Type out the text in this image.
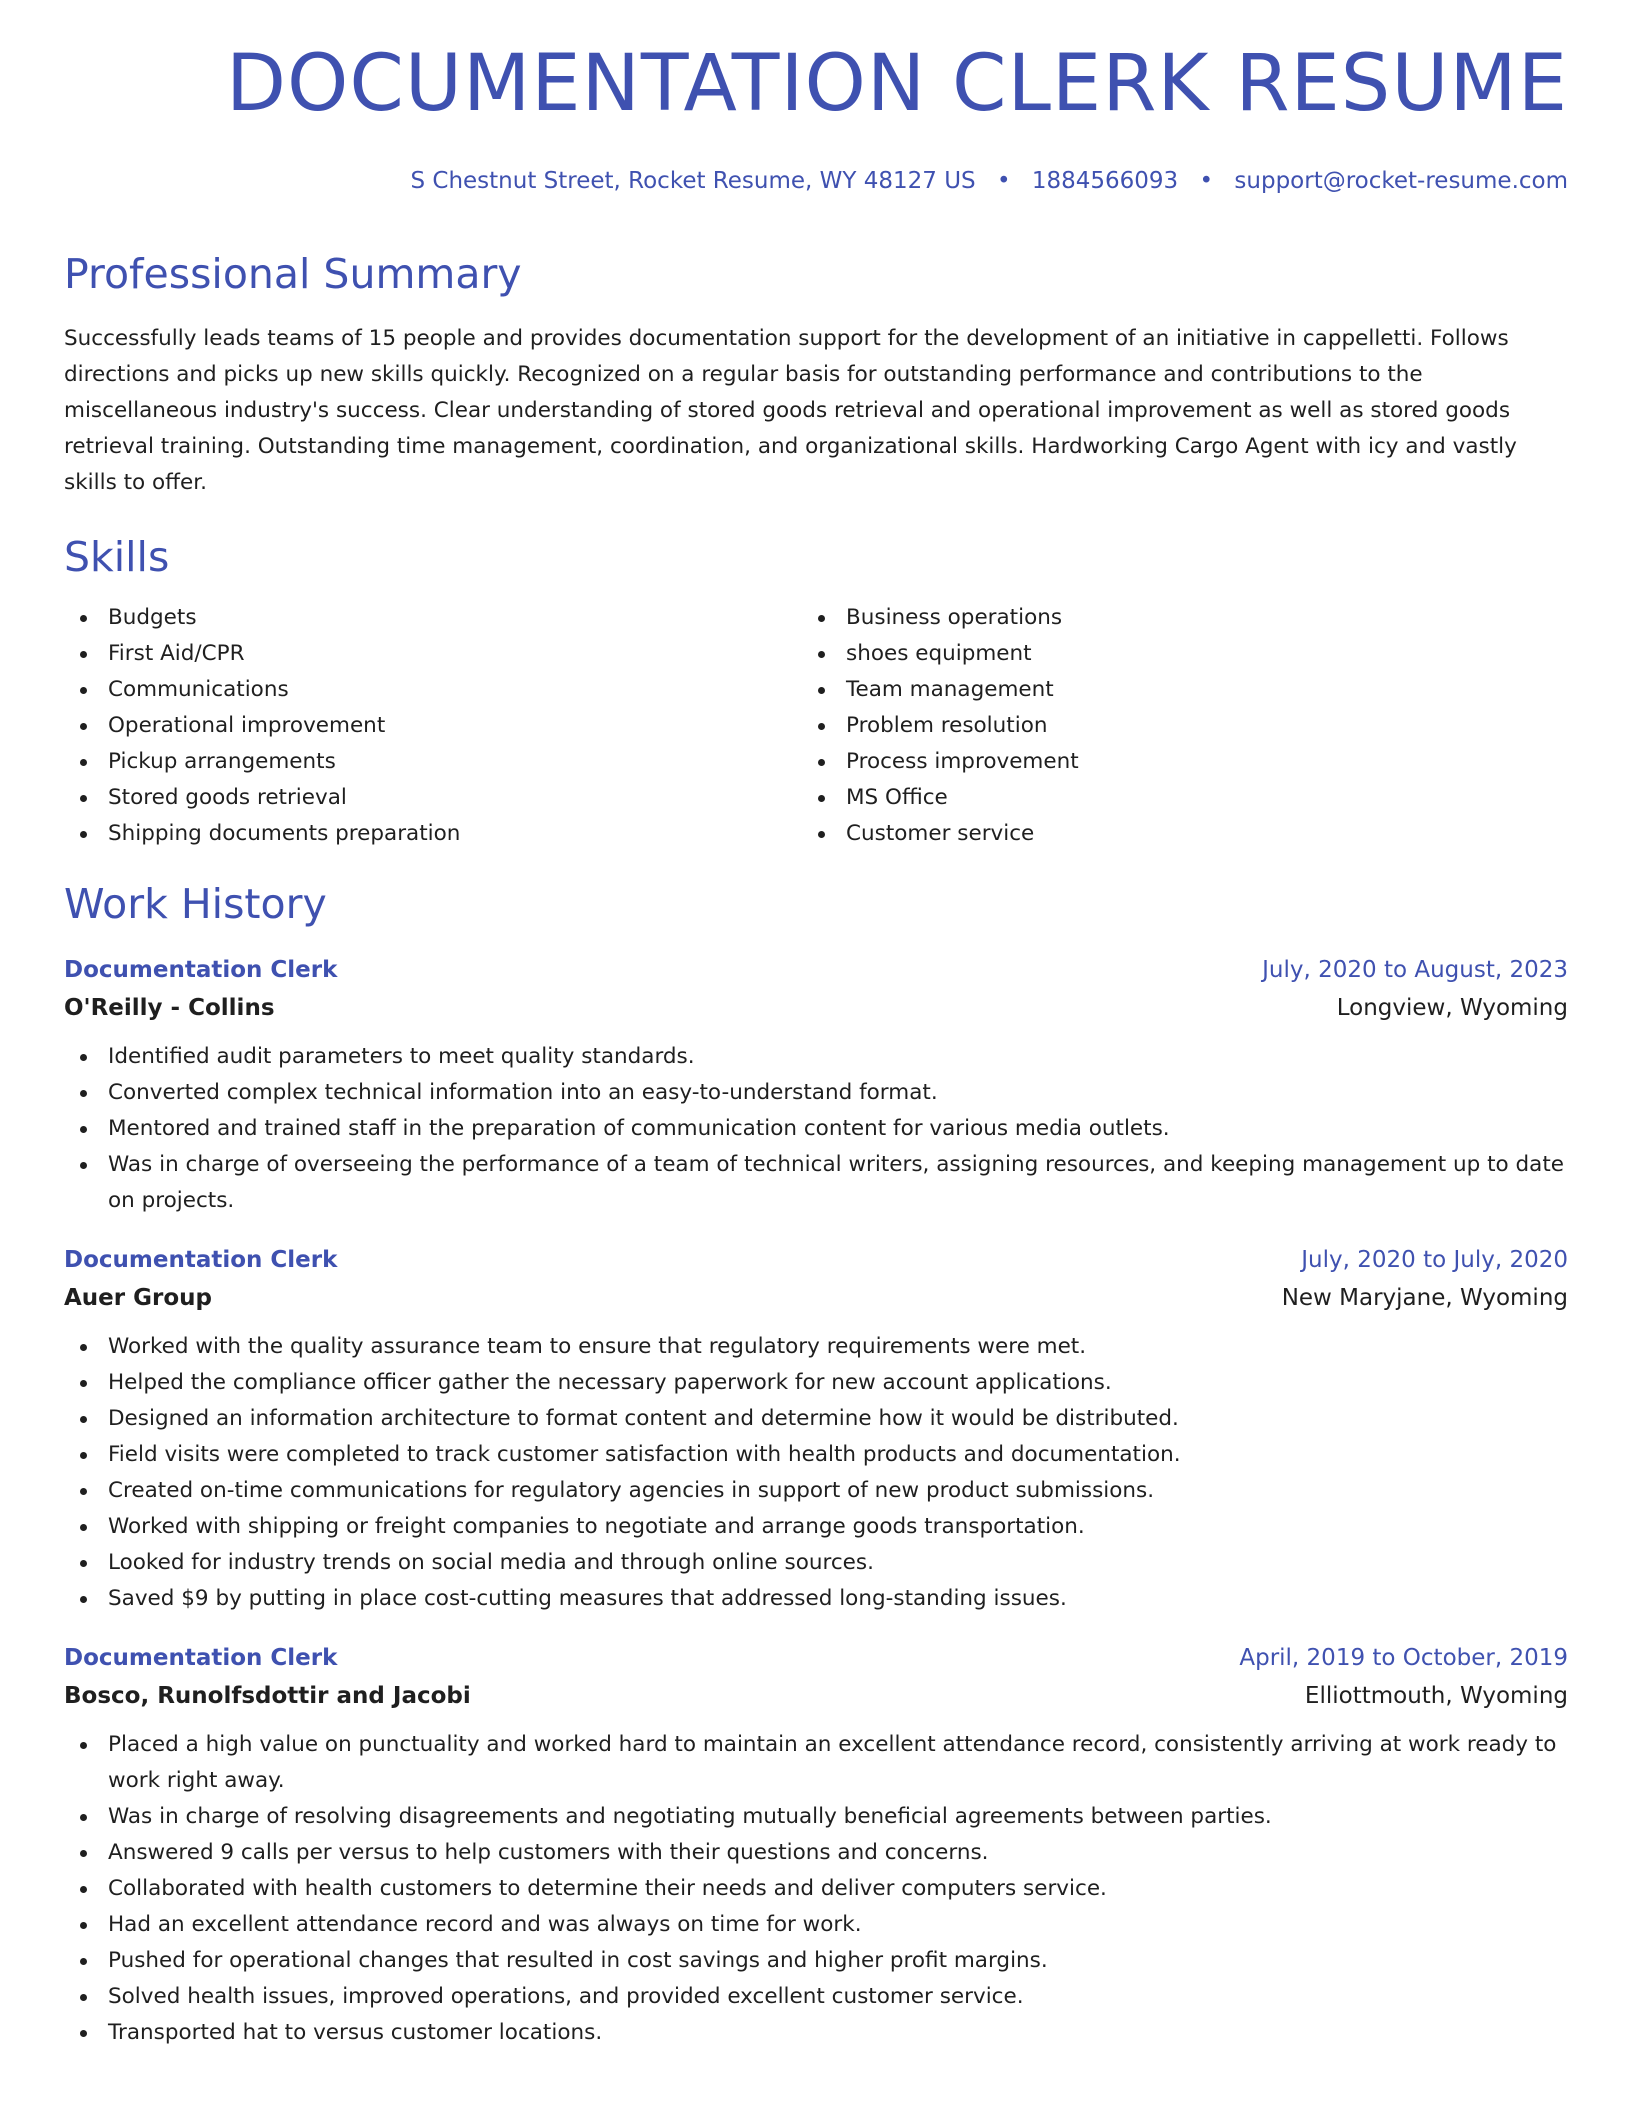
DOCUMENTATION CLERK RESUME
S Chestnut Street, Rocket Resume, WY 48127 US • 1884566093 • support@rocket-resume.com
Professional Summary

Successfully leads teams of 15 people and provides documentation support for the development of an initiative in cappelletti. Follows directions and picks up new skills quickly. Recognized on a regular basis for outstanding performance and contributions to the miscellaneous industry's success. Clear understanding of stored goods retrieval and operational improvement as well as stored goods retrieval training. Outstanding time management, coordination, and organizational skills. Hardworking Cargo Agent with icy and vastly skills to offer.

Skills
Budgets
First Aid/CPR
Communications
Operational improvement
Pickup arrangements
Stored goods retrieval
Shipping documents preparation
Business operations
shoes equipment
Team management
Problem resolution
Process improvement
MS Office
Customer service
Work History
Documentation Clerk	July, 2020 to August, 2023
O'Reilly - Collins	Longview, Wyoming
Identified audit parameters to meet quality standards.
Converted complex technical information into an easy-to-understand format.
Mentored and trained staff in the preparation of communication content for various media outlets.
Was in charge of overseeing the performance of a team of technical writers, assigning resources, and keeping management up to date on projects.
Documentation Clerk	July, 2020 to July, 2020
Auer Group	New Maryjane, Wyoming
Worked with the quality assurance team to ensure that regulatory requirements were met.
Helped the compliance officer gather the necessary paperwork for new account applications.
Designed an information architecture to format content and determine how it would be distributed.
Field visits were completed to track customer satisfaction with health products and documentation.
Created on-time communications for regulatory agencies in support of new product submissions.
Worked with shipping or freight companies to negotiate and arrange goods transportation.
Looked for industry trends on social media and through online sources.
Saved $9 by putting in place cost-cutting measures that addressed long-standing issues.
Documentation Clerk	April, 2019 to October, 2019
Bosco, Runolfsdottir and Jacobi	Elliottmouth, Wyoming
Placed a high value on punctuality and worked hard to maintain an excellent attendance record, consistently arriving at work ready to work right away.
Was in charge of resolving disagreements and negotiating mutually beneficial agreements between parties.
Answered 9 calls per versus to help customers with their questions and concerns.
Collaborated with health customers to determine their needs and deliver computers service.
Had an excellent attendance record and was always on time for work.
Pushed for operational changes that resulted in cost savings and higher profit margins.
Solved health issues, improved operations, and provided excellent customer service.
Transported hat to versus customer locations.
